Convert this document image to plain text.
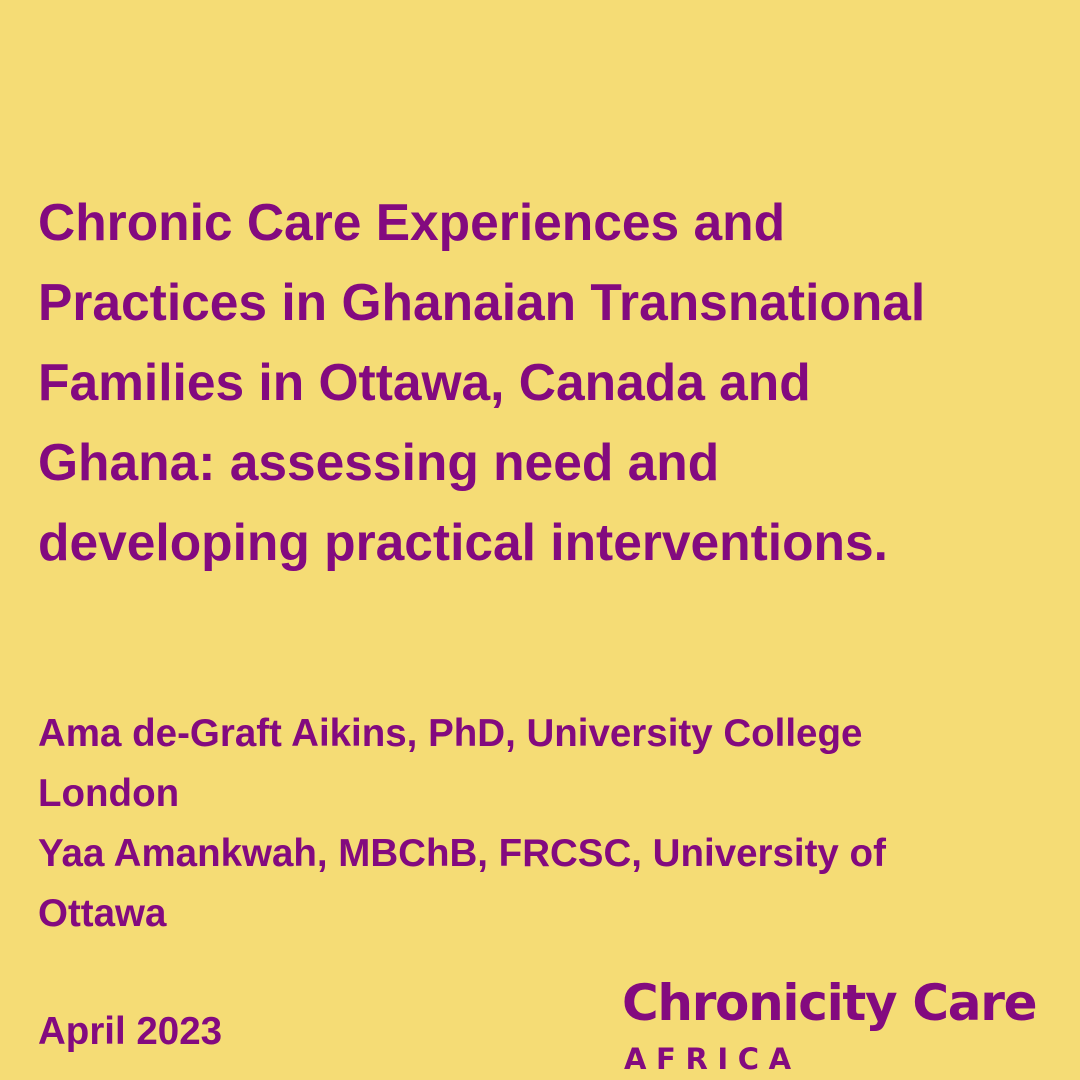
Chronic Care Experiences and
Practices in Ghanaian Transnational
Families in Ottawa, Canada and
Ghana: assessing need and
developing practical interventions.
Ama de-Graft Aikins, PhD, University College
London
Yaa Amankwah, MBChB, FRCSC, University of
Ottawa
April 2023	Chronicity Care
AFRICA
